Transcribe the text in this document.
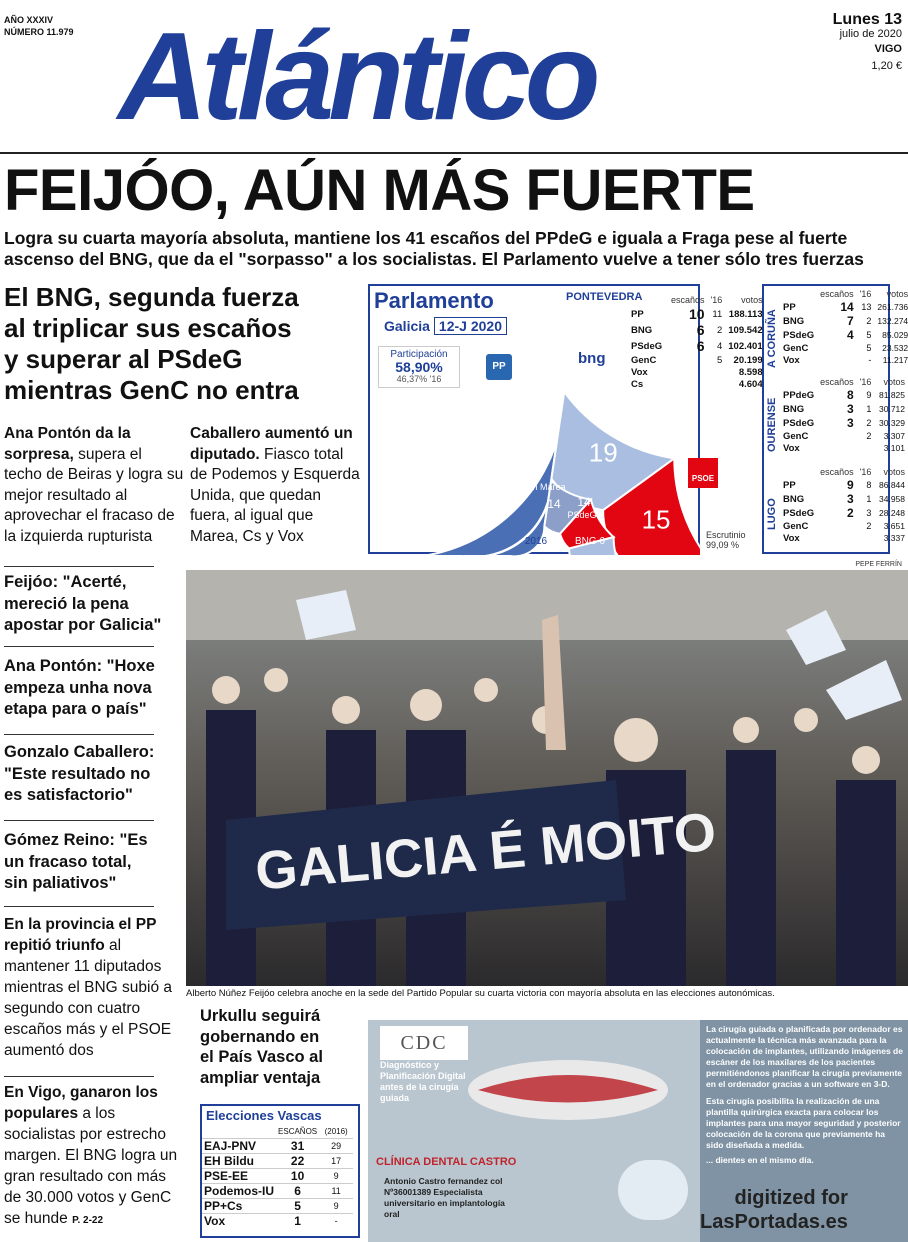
AÑO XXXIV
NÚMERO 11.979 Atlántico	Lunes 13
julio de 2020
VIGO
1,20 €
FEIJÓO, AÚN MÁS FUERTE
Logra su cuarta mayoría absoluta, mantiene los 41 escaños del PPdeG e iguala a Fraga pese al fuerte
ascenso del BNG, que da el "sorpasso" a los socialistas. El Parlamento vuelve a tener sólo tres fuerzas
El BNG, segunda fuerza
al triplicar sus escaños
y superar al PSdeG
mientras GenC no entra
Ana Pontón da la sorpresa, supera el techo de Beiras y logra su mejor resultado al aprovechar el fracaso de la izquierda rupturista
Caballero aumentó un diputado. Fiasco total de Podemos y Esquerda Unida, que quedan fuera, al igual que Marea, Cs y Vox
Parlamento
Galicia 12-J 2020
Participación
58,90%
46,37% '16
PP	bng
PSOE
41	19
15
PP
41
En Marea
14
PSdeG
14
BNG 6
2016
Escrutinio
99,09 %
PONTEVEDRA
		escaños	'16	votos
PP	10	11	188.113
BNG	6	2	109.542
PSdeG	6	4	102.401
GenC		5	20.199
Vox			8.598
Cs			4.604
A CORUÑA
	escaños	'16	votos
PP	14	13	261.736
BNG	7	2	132.274
PSdeG	4	5	85.029
GenC		5	23.532
Vox		-	11.217
OURENSE
	escaños	'16	votos
PPdeG	8	9	81.825
BNG	3	1	30.712
PSdeG	3	2	30.329
GenC		2	3.307
Vox			3.101
LUGO
	escaños	'16	votos
PP	9	8	86.844
BNG	3	1	34.958
PSdeG	2	3	28.248
GenC		2	3.651
Vox			3.337
Feijóo: "Acerté,
mereció la pena
apostar por Galicia"
Ana Pontón: "Hoxe
empeza unha nova
etapa para o país"
Gonzalo Caballero:
"Este resultado no
es satisfactorio"
Gómez Reino: "Es
un fracaso total,
sin paliativos"
En la provincia el PP repitió triunfo al mantener 11 diputados mientras el BNG subió a segundo con cuatro escaños más y el PSOE aumentó dos
En Vigo, ganaron los populares a los socialistas por estrecho margen. El BNG logra un gran resultado con más de 30.000 votos y GenC se hunde P. 2-22
PEPE FERRÍN
GALICIA É MOITO
Alberto Núñez Feijóo celebra anoche en la sede del Partido Popular su cuarta victoria con mayoría absoluta en las elecciones autonómicas.
Urkullu seguirá
gobernando en
el País Vasco al
ampliar ventaja
Elecciones Vascas
	ESCAÑOS	(2016)
EAJ-PNV	31	29
EH Bildu	22	17
PSE-EE	10	9
Podemos-IU	6	11
PP+Cs	5	9
Vox	1	-
CDC
Diagnóstico y Planificación Digital antes de la cirugía guiada
CLÍNICA DENTAL CASTRO
Antonio Castro fernandez col Nº36001389 Especialista universitario en implantología oral
La cirugía guiada o planificada por ordenador es actualmente la técnica más avanzada para la colocación de implantes, utilizando imágenes de escáner de los maxilares de los pacientes permitiéndonos planificar la cirugía previamente en el ordenador gracias a un software en 3-D.
Esta cirugía posibilita la realización de una plantilla quirúrgica exacta para colocar los implantes para una mayor seguridad y posterior colocación de la corona que previamente ha sido diseñada a medida.
... dientes en el mismo día.
digitized for
LasPortadas.es
